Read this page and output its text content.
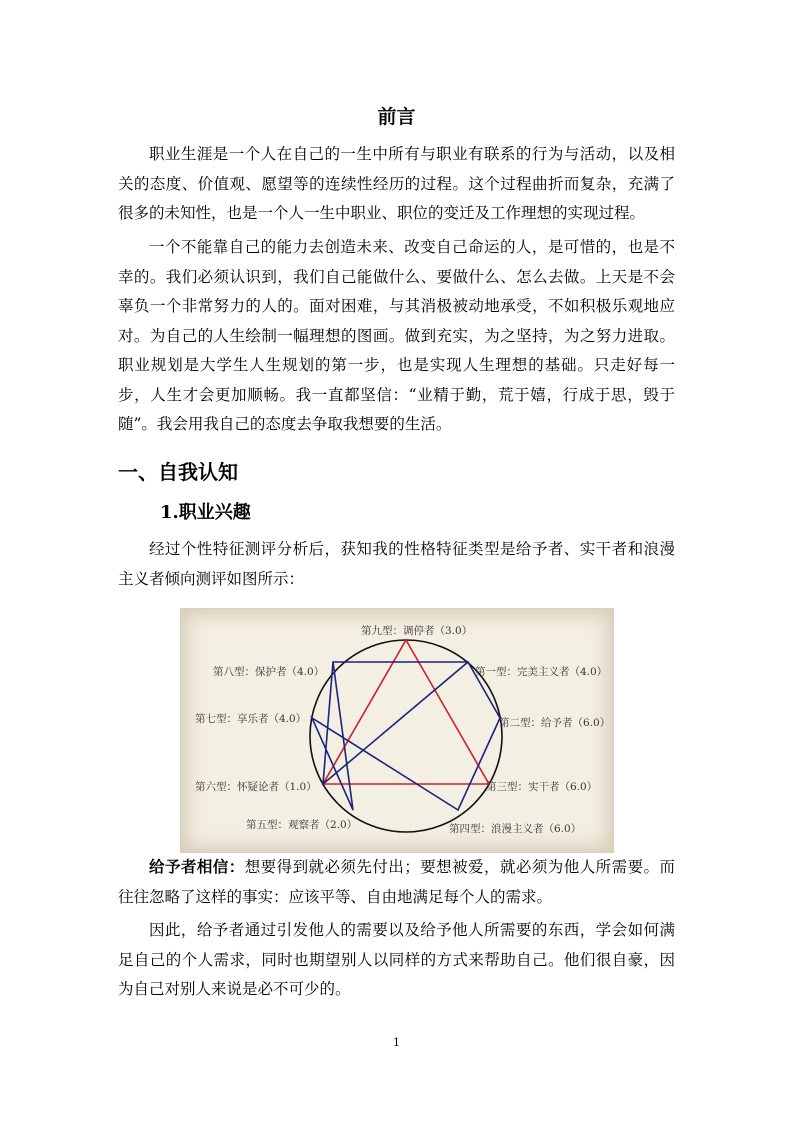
前言

职业生涯是一个人在自己的一生中所有与职业有联系的行为与活动，以及相关的态度、价值观、愿望等的连续性经历的过程。这个过程曲折而复杂，充满了很多的未知性，也是一个人一生中职业、职位的变迁及工作理想的实现过程。

一个不能靠自己的能力去创造未来、改变自己命运的人，是可惜的，也是不幸的。我们必须认识到，我们自己能做什么、要做什么、怎么去做。上天是不会辜负一个非常努力的人的。面对困难，与其消极被动地承受，不如积极乐观地应对。为自己的人生绘制一幅理想的图画。做到充实，为之坚持，为之努力进取。职业规划是大学生人生规划的第一步，也是实现人生理想的基础。只走好每一步，人生才会更加顺畅。我一直都坚信：“业精于勤，荒于嬉，行成于思，毁于随”。我会用我自己的态度去争取我想要的生活。

一、自我认知
1.职业兴趣

经过个性特征测评分析后，获知我的性格特征类型是给予者、实干者和浪漫主义者倾向测评如图所示：

第九型：调停者（3.0）
第一型：完美主义者（4.0）
第二型：给予者（6.0）
第三型：实干者（6.0）
第四型：浪漫主义者（6.0）
第五型：观察者（2.0）
第六型：怀疑论者（1.0）
第七型：享乐者（4.0）
第八型：保护者（4.0）

给予者相信：想要得到就必须先付出；要想被爱，就必须为他人所需要。而往往忽略了这样的事实：应该平等、自由地满足每个人的需求。

因此，给予者通过引发他人的需要以及给予他人所需要的东西，学会如何满足自己的个人需求，同时也期望别人以同样的方式来帮助自己。他们很自豪，因为自己对别人来说是必不可少的。

1
